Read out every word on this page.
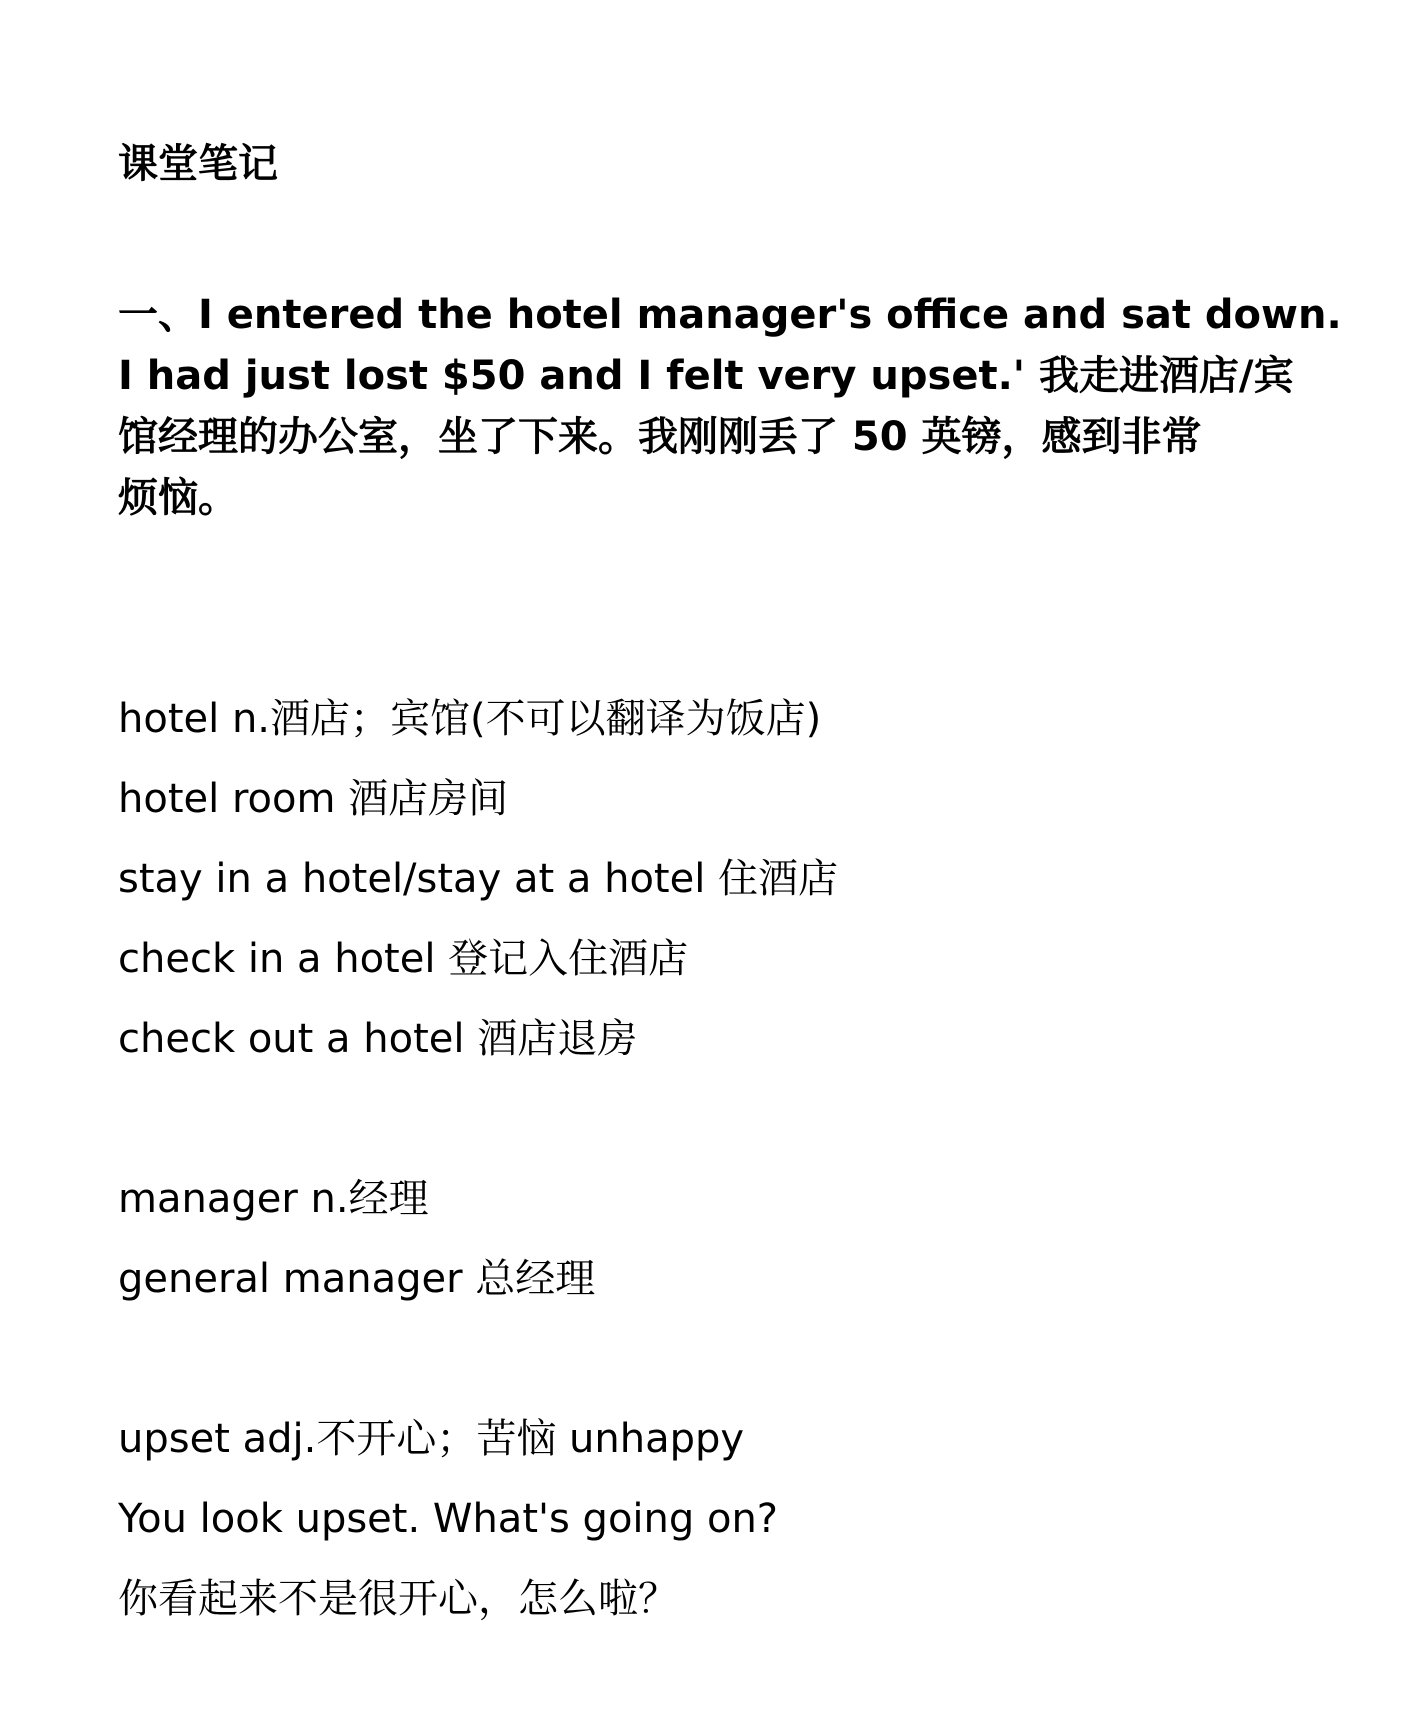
课堂笔记
一、I entered the hotel manager's office and sat down.
I had just lost $50 and I felt very upset.' 我走进酒店/宾
馆经理的办公室，坐了下来。我刚刚丢了 50 英镑，感到非常
烦恼。
hotel n.酒店；宾馆(不可以翻译为饭店)
hotel room 酒店房间
stay in a hotel/stay at a hotel 住酒店
check in a hotel 登记入住酒店
check out a hotel 酒店退房
manager n.经理
general manager 总经理
upset adj.不开心；苦恼 unhappy
You look upset. What's going on?
你看起来不是很开心，怎么啦？
